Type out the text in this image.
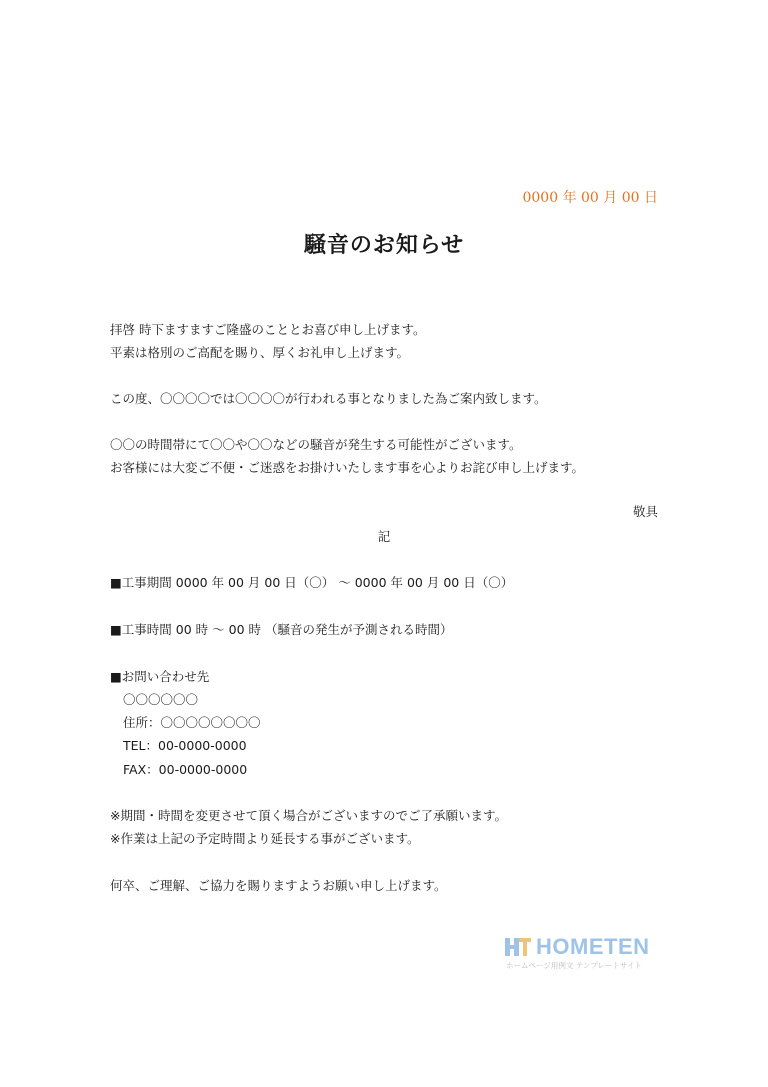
0000 年 00 月 00 日
騒音のお知らせ
拝啓 時下ますますご隆盛のこととお喜び申し上げます。
平素は格別のご高配を賜り、厚くお礼申し上げます。
この度、〇〇〇〇では〇〇〇〇が行われる事となりました為ご案内致します。
〇〇の時間帯にて〇〇や〇〇などの騒音が発生する可能性がございます。
お客様には大変ご不便・ご迷惑をお掛けいたします事を心よりお詫び申し上げます。
敬具
記
■工事期間 0000 年 00 月 00 日（〇） 〜 0000 年 00 月 00 日（〇）
■工事時間 00 時 〜 00 時 （騒音の発生が予測される時間）
■お問い合わせ先
〇〇〇〇〇〇
住所：〇〇〇〇〇〇〇〇
TEL：00-0000-0000
FAX：00-0000-0000
※期間・時間を変更させて頂く場合がございますのでご了承願います。
※作業は上記の予定時間より延長する事がございます。
何卒、ご理解、ご協力を賜りますようお願い申し上げます。
HOMETEN
ホームページ用例文 テンプレートサイト
